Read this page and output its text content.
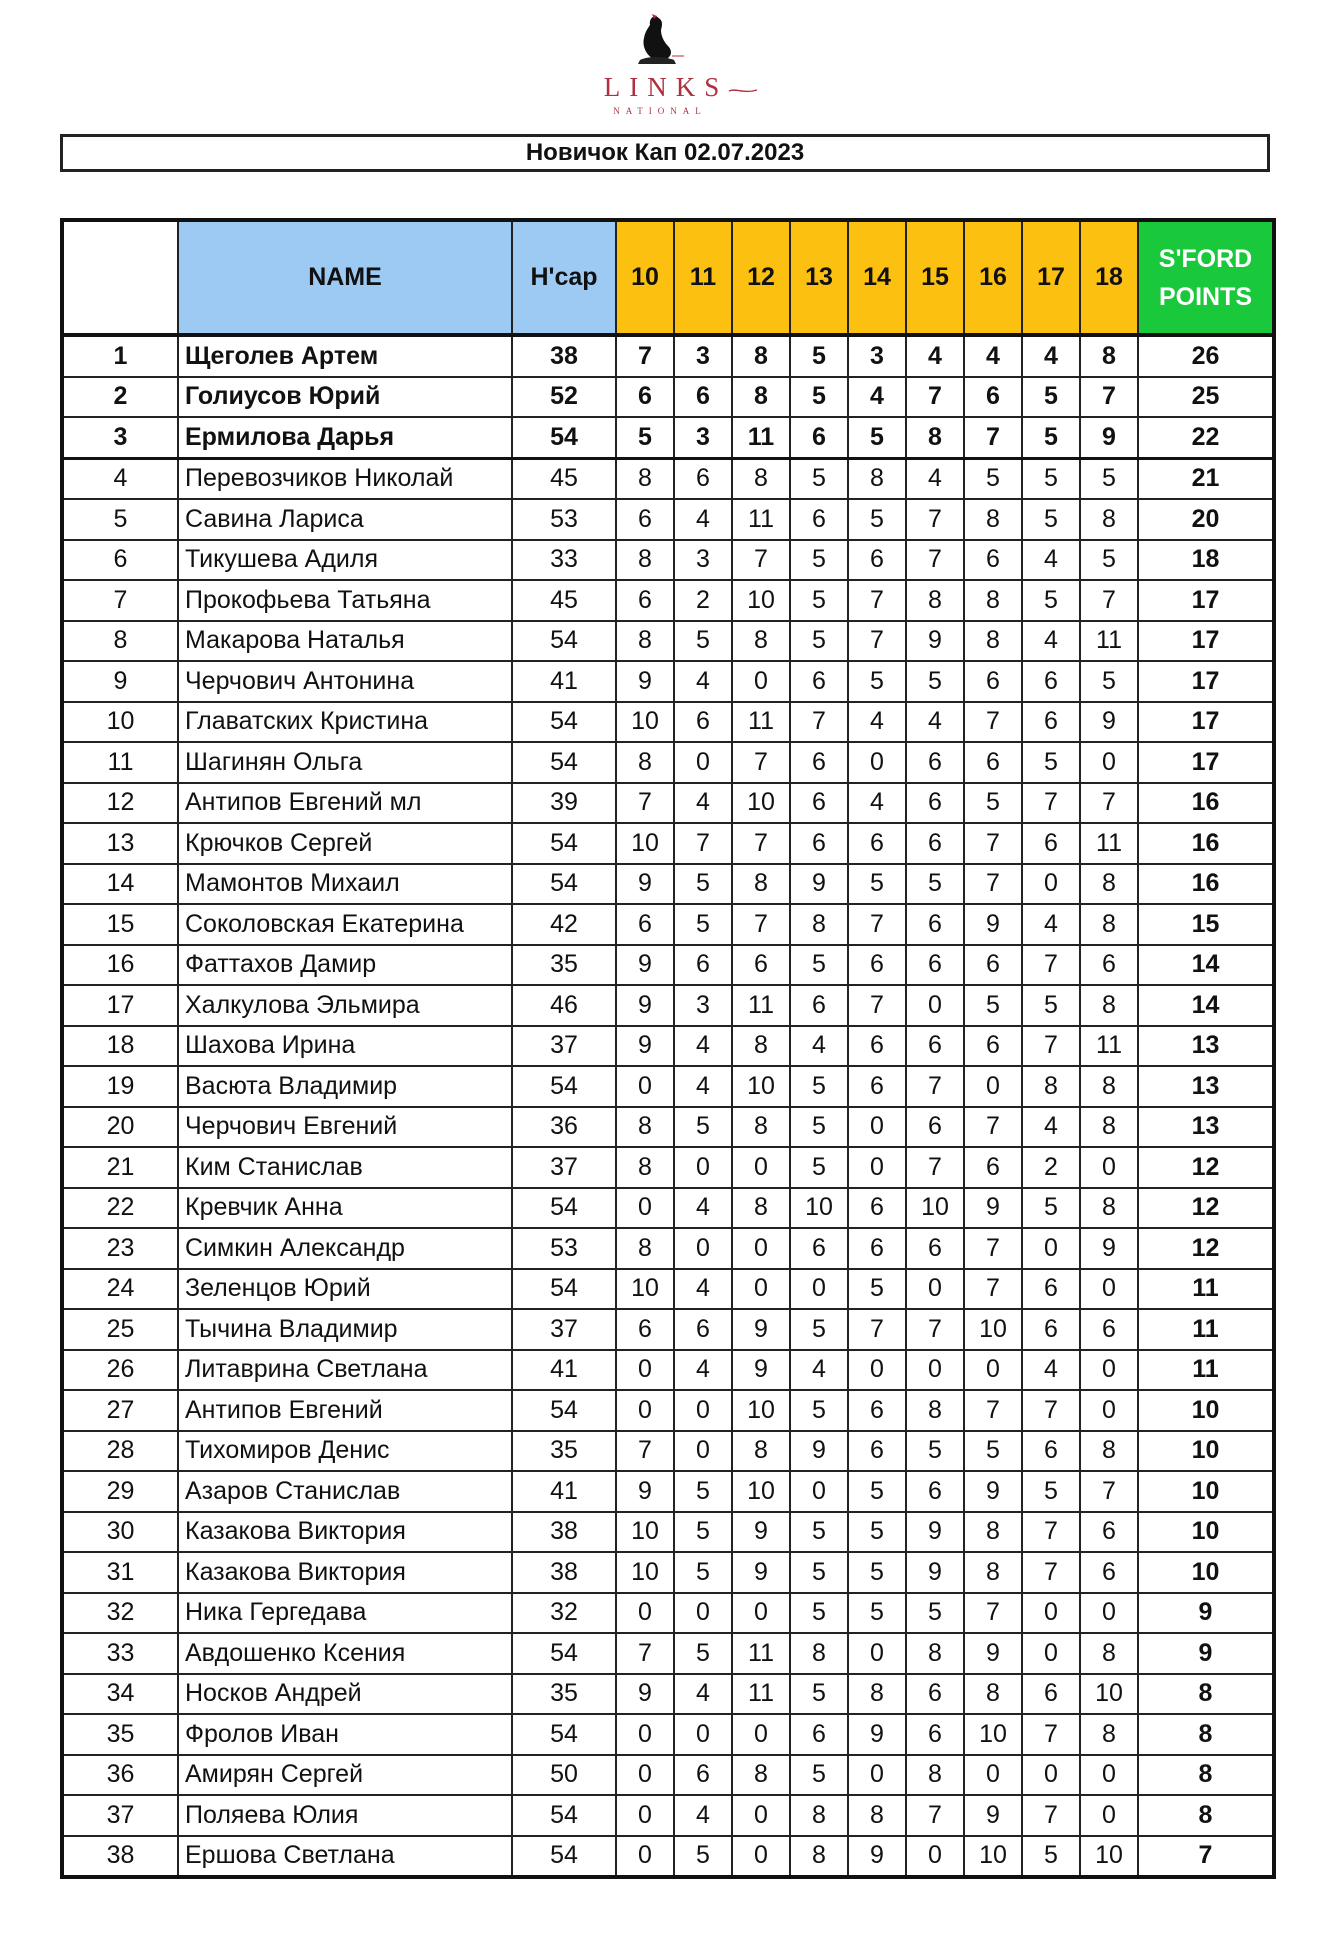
LINKS
NATIONAL
Новичок Кап 02.07.2023
	NAME	H'cap	10	11	12	13	14	15	16	17	18	S'FORD
POINTS
1	Щеголев Артем	38	7	3	8	5	3	4	4	4	8	26
2	Голиусов Юрий	52	6	6	8	5	4	7	6	5	7	25
3	Ермилова Дарья	54	5	3	11	6	5	8	7	5	9	22
4	Перевозчиков Николай	45	8	6	8	5	8	4	5	5	5	21
5	Савина Лариса	53	6	4	11	6	5	7	8	5	8	20
6	Тикушева Адиля	33	8	3	7	5	6	7	6	4	5	18
7	Прокофьева Татьяна	45	6	2	10	5	7	8	8	5	7	17
8	Макарова Наталья	54	8	5	8	5	7	9	8	4	11	17
9	Черчович Антонина	41	9	4	0	6	5	5	6	6	5	17
10	Главатских Кристина	54	10	6	11	7	4	4	7	6	9	17
11	Шагинян Ольга	54	8	0	7	6	0	6	6	5	0	17
12	Антипов Евгений мл	39	7	4	10	6	4	6	5	7	7	16
13	Крючков Сергей	54	10	7	7	6	6	6	7	6	11	16
14	Мамонтов Михаил	54	9	5	8	9	5	5	7	0	8	16
15	Соколовская Екатерина	42	6	5	7	8	7	6	9	4	8	15
16	Фаттахов Дамир	35	9	6	6	5	6	6	6	7	6	14
17	Халкулова Эльмира	46	9	3	11	6	7	0	5	5	8	14
18	Шахова Ирина	37	9	4	8	4	6	6	6	7	11	13
19	Васюта Владимир	54	0	4	10	5	6	7	0	8	8	13
20	Черчович Евгений	36	8	5	8	5	0	6	7	4	8	13
21	Ким Станислав	37	8	0	0	5	0	7	6	2	0	12
22	Кревчик Анна	54	0	4	8	10	6	10	9	5	8	12
23	Симкин Александр	53	8	0	0	6	6	6	7	0	9	12
24	Зеленцов Юрий	54	10	4	0	0	5	0	7	6	0	11
25	Тычина Владимир	37	6	6	9	5	7	7	10	6	6	11
26	Литаврина Светлана	41	0	4	9	4	0	0	0	4	0	11
27	Антипов Евгений	54	0	0	10	5	6	8	7	7	0	10
28	Тихомиров Денис	35	7	0	8	9	6	5	5	6	8	10
29	Азаров Станислав	41	9	5	10	0	5	6	9	5	7	10
30	Казакова Виктория	38	10	5	9	5	5	9	8	7	6	10
31	Казакова Виктория	38	10	5	9	5	5	9	8	7	6	10
32	Ника Гергедава	32	0	0	0	5	5	5	7	0	0	9
33	Авдошенко Ксения	54	7	5	11	8	0	8	9	0	8	9
34	Носков Андрей	35	9	4	11	5	8	6	8	6	10	8
35	Фролов Иван	54	0	0	0	6	9	6	10	7	8	8
36	Амирян Сергей	50	0	6	8	5	0	8	0	0	0	8
37	Поляева Юлия	54	0	4	0	8	8	7	9	7	0	8
38	Ершова Светлана	54	0	5	0	8	9	0	10	5	10	7
